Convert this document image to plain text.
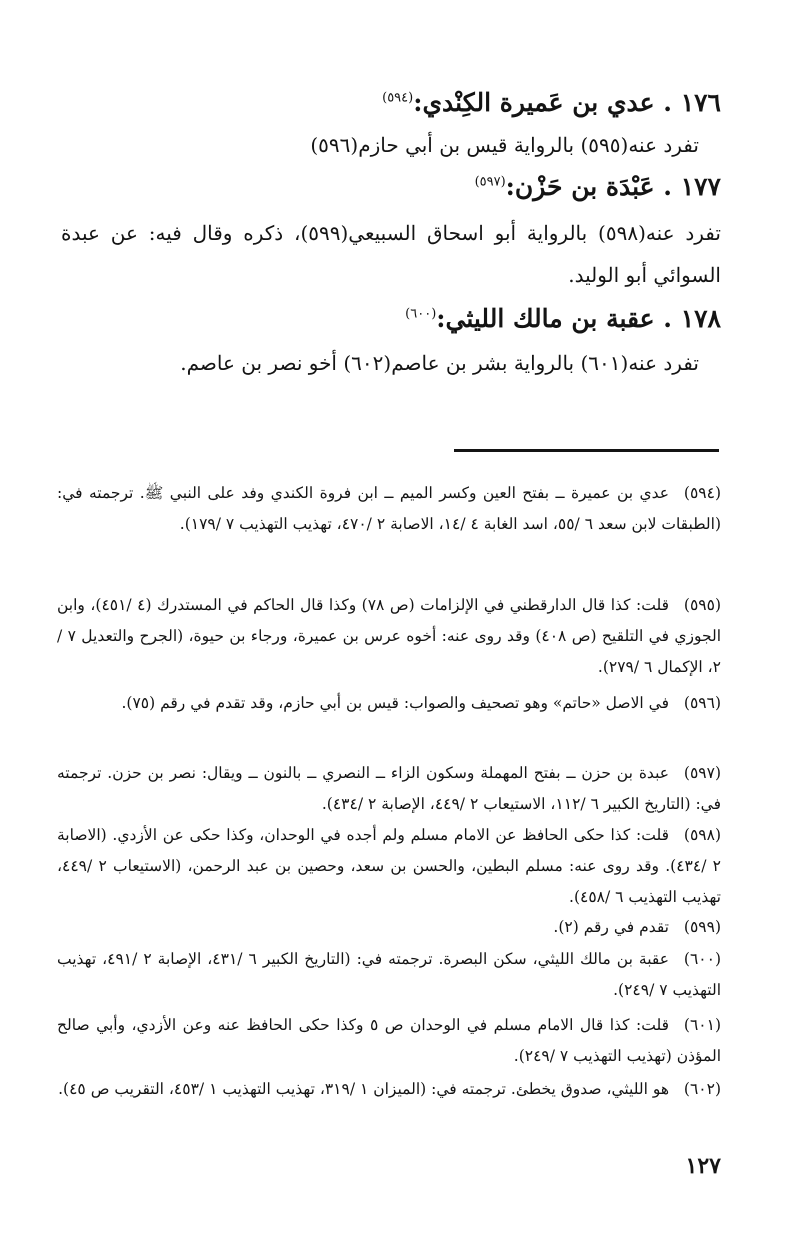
١٧٦ . عدي بن عَميرة الكِنْدي:$^{(٥٩٤)}$
تفرد عنه(٥٩٥) بالرواية قيس بن أبي حازم(٥٩٦)
١٧٧ . عَبْدَة بن حَزْن:$^{(٥٩٧)}$
تفرد عنه(٥٩٨) بالرواية أبو اسحاق السبيعي(٥٩٩)، ذكره وقال فيه: عن عبدة السوائي أبو الوليد.
١٧٨ . عقبة بن مالك الليثي:$^{(٦٠٠)}$
تفرد عنه(٦٠١) بالرواية بشر بن عاصم(٦٠٢) أخو نصر بن عاصم.
(٥٩٤)عدي بن عميرة ــ بفتح العين وكسر الميم ــ ابن فروة الكندي وفد على النبي ﷺ. ترجمته في: (الطبقات لابن سعد ٦ /٥٥، اسد الغابة ٤ /١٤، الاصابة ٢ /٤٧٠، تهذيب التهذيب ٧ /١٧٩).
(٥٩٥)قلت: كذا قال الدارقطني في الإلزامات (ص ٧٨) وكذا قال الحاكم في المستدرك (٤ /٤٥١)، وابن الجوزي في التلقيح (ص ٤٠٨) وقد روى عنه: أخوه عرس بن عميرة، ورجاء بن حيوة، (الجرح والتعديل ٧ /٢، الإكمال ٦ /٢٧٩).
(٥٩٦)في الاصل «حاتم» وهو تصحيف والصواب: قيس بن أبي حازم، وقد تقدم في رقم (٧٥).
(٥٩٧)عبدة بن حزن ــ بفتح المهملة وسكون الزاء ــ النصري ــ بالنون ــ ويقال: نصر بن حزن. ترجمته في: (التاريخ الكبير ٦ /١١٢، الاستيعاب ٢ /٤٤٩، الإصابة ٢ /٤٣٤).
(٥٩٨)قلت: كذا حكى الحافظ عن الامام مسلم ولم أجده في الوحدان، وكذا حكى عن الأزدي. (الاصابة ٢ /٤٣٤). وقد روى عنه: مسلم البطين، والحسن بن سعد، وحصين بن عبد الرحمن، (الاستيعاب ٢ /٤٤٩، تهذيب التهذيب ٦ /٤٥٨).
(٥٩٩)تقدم في رقم (٢).
(٦٠٠)عقبة بن مالك الليثي، سكن البصرة. ترجمته في: (التاريخ الكبير ٦ /٤٣١، الإصابة ٢ /٤٩١، تهذيب التهذيب ٧ /٢٤٩).
(٦٠١)قلت: كذا قال الامام مسلم في الوحدان ص ٥ وكذا حكى الحافظ عنه وعن الأزدي، وأبي صالح المؤذن (تهذيب التهذيب ٧ /٢٤٩).
(٦٠٢)هو الليثي، صدوق يخطئ. ترجمته في: (الميزان ١ /٣١٩، تهذيب التهذيب ١ /٤٥٣، التقريب ص ٤٥).
١٢٧
